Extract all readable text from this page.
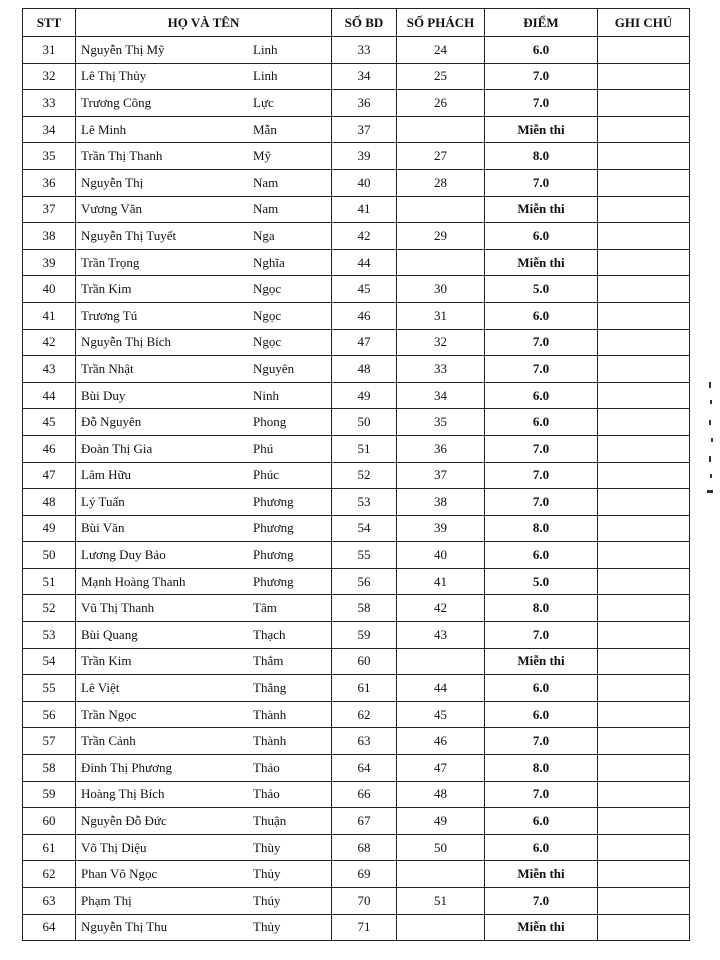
STT	HỌ VÀ TÊN	SỐ BD	SỐ PHÁCH	ĐIỂM	GHI CHÚ
31	Nguyễn Thị Mỹ Linh	33	24	6.0	
32	Lê Thị Thủy Linh	34	25	7.0	
33	Trương Công Lực	36	26	7.0	
34	Lê Minh Mẫn	37		Miễn thi	
35	Trần Thị Thanh Mỹ	39	27	8.0	
36	Nguyễn Thị Nam	40	28	7.0	
37	Vương Văn Nam	41		Miễn thi	
38	Nguyễn Thị Tuyết Nga	42	29	6.0	
39	Trần Trọng Nghĩa	44		Miễn thi	
40	Trần Kim Ngọc	45	30	5.0	
41	Trương Tú Ngọc	46	31	6.0	
42	Nguyễn Thị Bích Ngọc	47	32	7.0	
43	Trần Nhật Nguyên	48	33	7.0	
44	Bùi Duy Ninh	49	34	6.0	
45	Đỗ Nguyên Phong	50	35	6.0	
46	Đoàn Thị Gia Phú	51	36	7.0	
47	Lâm Hữu Phúc	52	37	7.0	
48	Lý Tuấn Phương	53	38	7.0	
49	Bùi Văn Phương	54	39	8.0	
50	Lương Duy Bảo Phương	55	40	6.0	
51	Mạnh Hoàng Thanh Phương	56	41	5.0	
52	Vũ Thị Thanh Tâm	58	42	8.0	
53	Bùi Quang Thạch	59	43	7.0	
54	Trần Kim Thắm	60		Miễn thi	
55	Lê Việt Thắng	61	44	6.0	
56	Trần Ngọc Thành	62	45	6.0	
57	Trần Cảnh Thành	63	46	7.0	
58	Đinh Thị Phương Thảo	64	47	8.0	
59	Hoàng Thị Bích Thảo	66	48	7.0	
60	Nguyễn Đỗ Đức Thuận	67	49	6.0	
61	Võ Thị Diệu Thùy	68	50	6.0	
62	Phan Võ Ngọc Thủy	69		Miễn thi	
63	Phạm Thị Thúy	70	51	7.0	
64	Nguyễn Thị Thu Thủy	71		Miễn thi	
